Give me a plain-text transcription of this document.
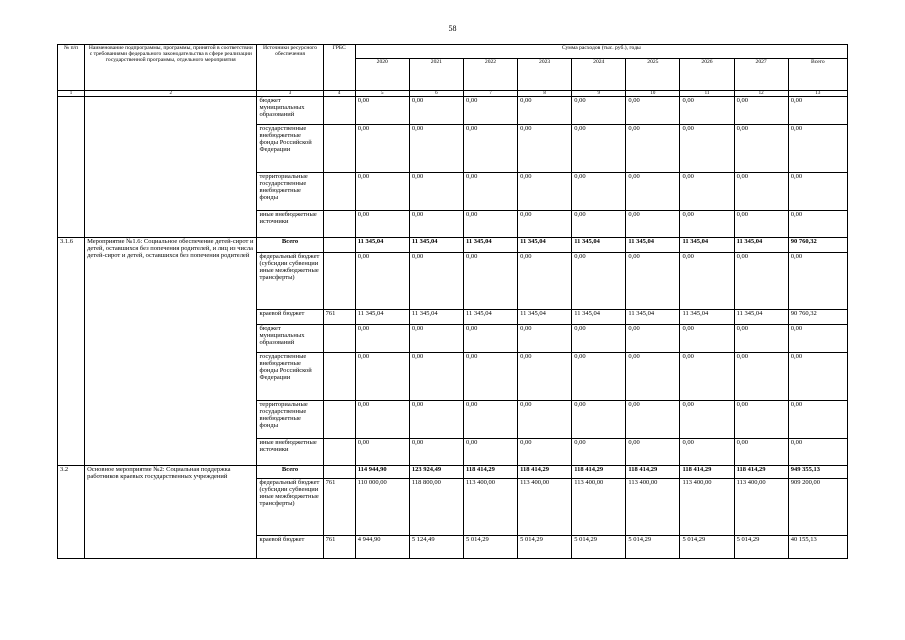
58
№ п/п	Наименование подпрограммы, программы, принятой в соответствии с требованиями федерального законодательства в сфере реализации государственной программы, отдельного мероприятия	Источники ресурсного обеспечения	ГРБС	Сумма расходов (тыс. руб.), годы								
				2020	2021	2022	2023	2024	2025	2026	2027	Всего
1	2	3	4	5	6	7	8	9	10	11	12	13
		бюджет муниципальных образований		0,00	0,00	0,00	0,00	0,00	0,00	0,00	0,00	0,00
		государственные внебюджетные фонды Российской Федерации		0,00	0,00	0,00	0,00	0,00	0,00	0,00	0,00	0,00
		территориальные государственные внебюджетные фонды		0,00	0,00	0,00	0,00	0,00	0,00	0,00	0,00	0,00
		иные внебюджетные источники		0,00	0,00	0,00	0,00	0,00	0,00	0,00	0,00	0,00
3.1.6	Мероприятие №1.6: Социальное обеспечение детей-сирот и детей, оставшихся без попечения родителей, и лиц из числа детей-сирот и детей, оставшихся без попечения родителей	Всего		11 345,04	11 345,04	11 345,04	11 345,04	11 345,04	11 345,04	11 345,04	11 345,04	90 760,32
		федеральный бюджет (субсидии субвенции иные межбюджетные трансферты)		0,00	0,00	0,00	0,00	0,00	0,00	0,00	0,00	0,00
		краевой бюджет	761	11 345,04	11 345,04	11 345,04	11 345,04	11 345,04	11 345,04	11 345,04	11 345,04	90 760,32
		бюджет муниципальных образований		0,00	0,00	0,00	0,00	0,00	0,00	0,00	0,00	0,00
		государственные внебюджетные фонды Российской Федерации		0,00	0,00	0,00	0,00	0,00	0,00	0,00	0,00	0,00
		территориальные государственные внебюджетные фонды		0,00	0,00	0,00	0,00	0,00	0,00	0,00	0,00	0,00
		иные внебюджетные источники		0,00	0,00	0,00	0,00	0,00	0,00	0,00	0,00	0,00
3.2	Основное мероприятие №2: Социальная поддержка работников краевых государственных учреждений	Всего		114 944,90	123 924,49	118 414,29	118 414,29	118 414,29	118 414,29	118 414,29	118 414,29	949 355,13
		федеральный бюджет (субсидии субвенции иные межбюджетные трансферты)	761	110 000,00	118 800,00	113 400,00	113 400,00	113 400,00	113 400,00	113 400,00	113 400,00	909 200,00
		краевой бюджет	761	4 944,90	5 124,49	5 014,29	5 014,29	5 014,29	5 014,29	5 014,29	5 014,29	40 155,13
